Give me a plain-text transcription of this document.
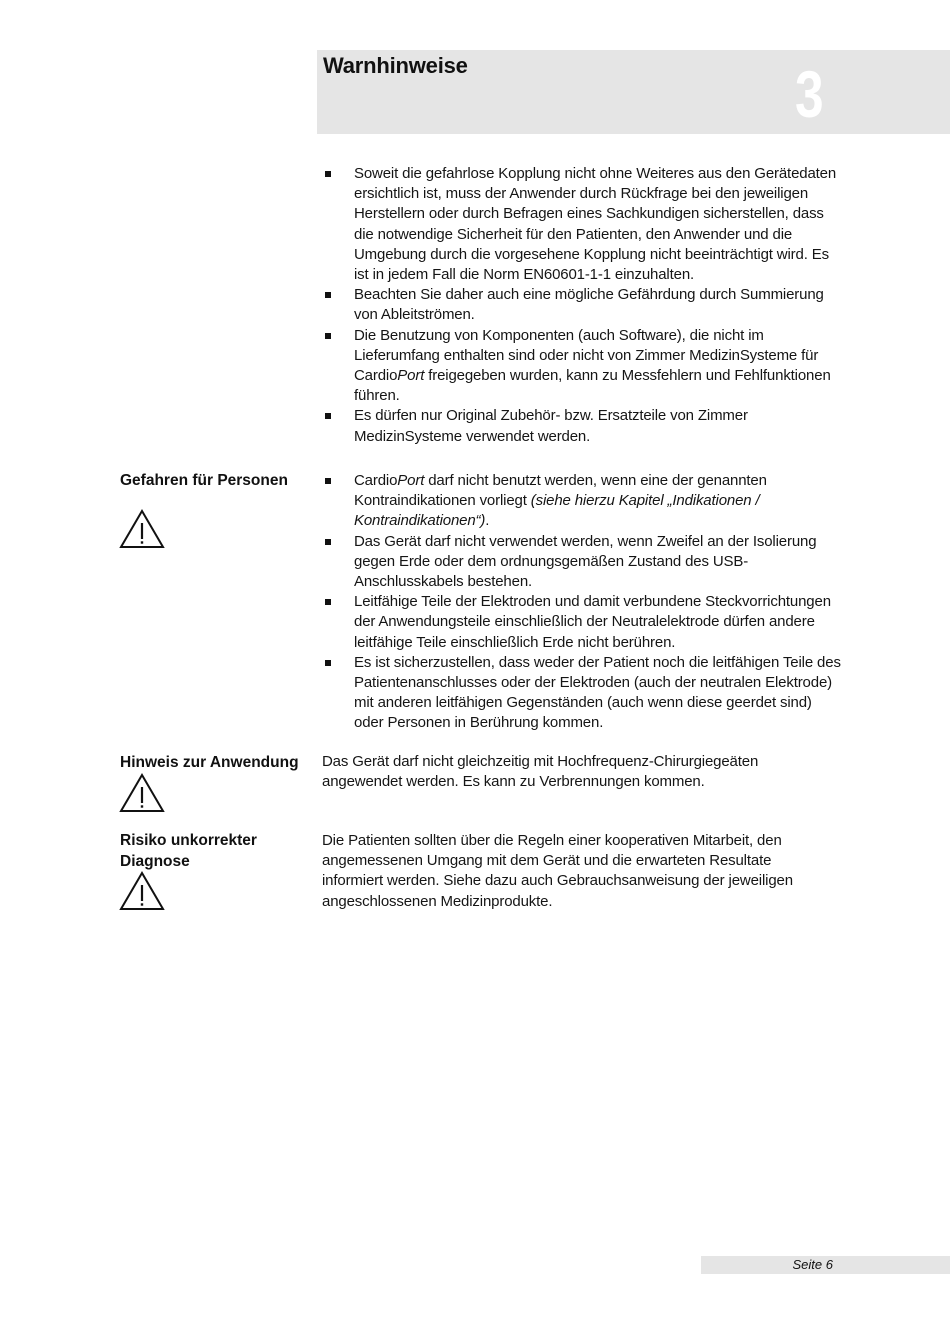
Warnhinweise	3
Soweit die gefahrlose Kopplung nicht ohne Weiteres aus den Gerätedaten ersichtlich ist, muss der Anwender durch Rückfrage bei den jeweiligen Herstellern oder durch Befragen eines Sachkundigen sicherstellen, dass die notwendige Sicherheit für den Patienten, den Anwender und die Umgebung durch die vorgesehene Kopplung nicht beeinträchtigt wird. Es ist in jedem Fall die Norm EN60601-1-1 einzuhalten.
Beachten Sie daher auch eine mögliche Gefährdung durch Summierung von Ableitströmen.
Die Benutzung von Komponenten (auch Software), die nicht im Lieferumfang enthalten sind oder nicht von Zimmer MedizinSysteme für CardioPort freigegeben wurden, kann zu Messfehlern und Fehlfunktionen führen.
Es dürfen nur Original Zubehör- bzw. Ersatzteile von Zimmer MedizinSysteme verwendet werden.
Gefahren für Personen	CardioPort darf nicht benutzt werden, wenn eine der genannten Kontraindikationen vorliegt (siehe hierzu Kapitel „Indikationen / Kontraindikationen“).
Das Gerät darf nicht verwendet werden, wenn Zweifel an der Isolierung gegen Erde oder dem ordnungsgemäßen Zustand des USB-Anschlusskabels bestehen.
Leitfähige Teile der Elektroden und damit verbundene Steckvorrichtungen der Anwendungsteile einschließlich der Neutralelektrode dürfen andere leitfähige Teile einschließlich Erde nicht berühren.
Es ist sicherzustellen, dass weder der Patient noch die leitfähigen Teile des Patientenanschlusses oder der Elektroden (auch der neutralen Elektrode) mit anderen leitfähigen Gegenständen (auch wenn diese geerdet sind) oder Personen in Berührung kommen.
Hinweis zur Anwendung Das Gerät darf nicht gleichzeitig mit Hochfrequenz-Chirurgiegeäten angewendet werden. Es kann zu Verbrennungen kommen.
Risiko unkorrekter Diagnose
Die Patienten sollten über die Regeln einer kooperativen Mitarbeit, den angemessenen Umgang mit dem Gerät und die erwarteten Resultate informiert werden. Siehe dazu auch Gebrauchsanweisung der jeweiligen angeschlossenen Medizinprodukte.
Seite 6
